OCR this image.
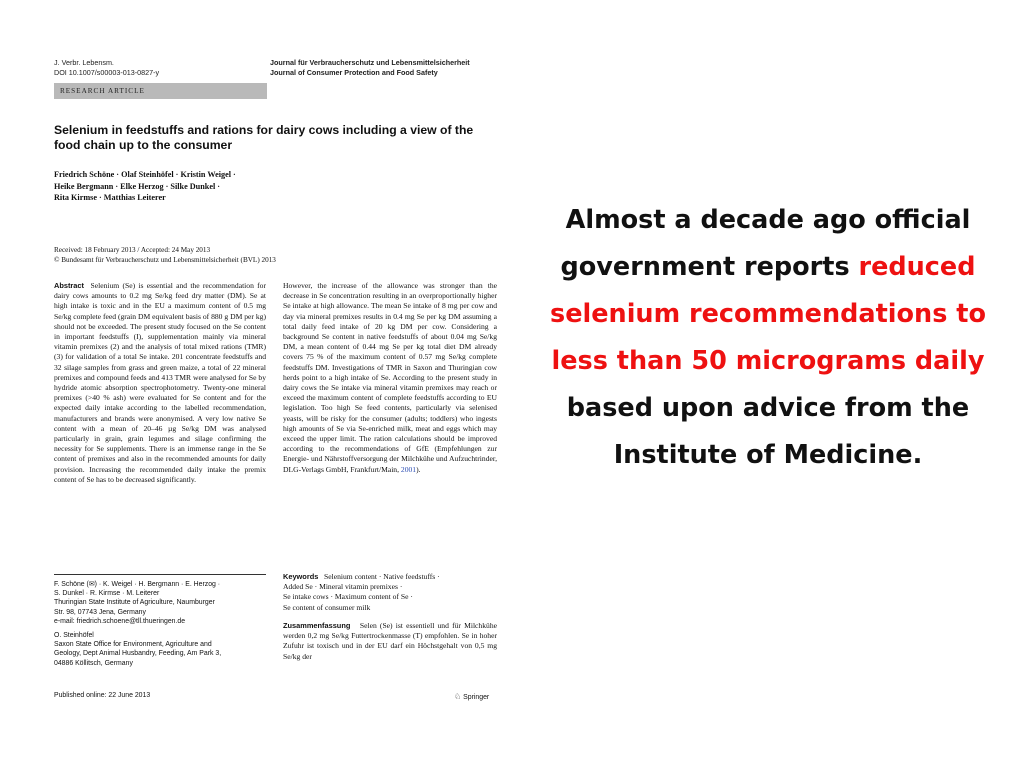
J. Verbr. Lebensm.
DOI 10.1007/s00003-013-0827-y
Journal für Verbraucherschutz und Lebensmittelsicherheit
Journal of Consumer Protection and Food Safety
RESEARCH ARTICLE
Selenium in feedstuffs and rations for dairy cows including a view of the food chain up to the consumer
Friedrich Schöne · Olaf Steinhöfel · Kristin Weigel ·
Heike Bergmann · Elke Herzog · Silke Dunkel ·
Rita Kirmse · Matthias Leiterer
Received: 18 February 2013 / Accepted: 24 May 2013
© Bundesamt für Verbraucherschutz und Lebensmittelsicherheit (BVL) 2013
Abstract Selenium (Se) is essential and the recommendation for dairy cows amounts to 0.2 mg Se/kg feed dry matter (DM). Se at high intake is toxic and in the EU a maximum content of 0.5 mg Se/kg complete feed (grain DM equivalent basis of 880 g DM per kg) should not be exceeded. The present study focused on the Se content in important feedstuffs (I), supplementation mainly via mineral vitamin premixes (2) and the analysis of total mixed rations (TMR) (3) for validation of a total Se intake. 201 concentrate feedstuffs and 32 silage samples from grass and green maize, a total of 22 mineral premixes and compound feeds and 413 TMR were analysed for Se by hydride atomic absorption spectrophotometry. Twenty-one mineral premixes (>40 % ash) were evaluated for Se content and for the expected daily intake according to the labelled recommendation, manufacturers and brands were anonymised. A very low native Se content with a mean of 20–46 µg Se/kg DM was analysed particularly in grain, grain legumes and silage confirming the necessity for Se supplements. There is an immense range in the Se content of premixes and also in the recommended amounts for daily provision. Increasing the recommended daily intake the premix content of Se has to be decreased significantly.
However, the increase of the allowance was stronger than the decrease in Se concentration resulting in an overproportionally higher Se intake at high allowance. The mean Se intake of 8 mg per cow and day via mineral premixes results in 0.4 mg Se per kg DM assuming a total daily feed intake of 20 kg DM per cow. Considering a background Se content in native feedstuffs of about 0.04 mg Se/kg DM, a mean content of 0.44 mg Se per kg total diet DM already covers 75 % of the maximum content of 0.57 mg Se/kg complete feedstuffs DM. Investigations of TMR in Saxon and Thuringian cow herds point to a high intake of Se. According to the present study in dairy cows the Se intake via mineral vitamin premixes may reach or exceed the maximum content of complete feedstuffs according to EU legislation. Too high Se feed contents, particularly via selenised yeasts, will be risky for the consumer (adults; toddlers) who ingests high amounts of Se via Se-enriched milk, meat and eggs which may exceed the upper limit. The ration calculations should be improved according to the recommendations of GfE (Empfehlungen zur Energie- und Nährstoffversorgung der Milchkühe und Aufzuchtrinder, DLG-Verlags GmbH, Frankfurt/Main, 2001).

F. Schöne (✉) · K. Weigel · H. Bergmann · E. Herzog ·
S. Dunkel · R. Kirmse · M. Leiterer
Thuringian State Institute of Agriculture, Naumburger
Str. 98, 07743 Jena, Germany
e-mail: friedrich.schoene@tll.thueringen.de

O. Steinhöfel
Saxon State Office for Environment, Agriculture and
Geology, Dept Animal Husbandry, Feeding, Am Park 3,
04886 Köllitsch, Germany

Keywords Selenium content · Native feedstuffs ·
Added Se · Mineral vitamin premixes ·
Se intake cows · Maximum content of Se ·
Se content of consumer milk
Zusammenfassung Selen (Se) ist essentiell und für Milchkühe werden 0,2 mg Se/kg Futtertrockenmasse (T) empfohlen. Se in hoher Zufuhr ist toxisch und in der EU darf ein Höchstgehalt von 0,5 mg Se/kg der
Published online: 22 June 2013	♘ Springer
Almost a decade ago official government reports reduced selenium recommendations to less than 50 micrograms daily based upon advice from the Institute of Medicine.
